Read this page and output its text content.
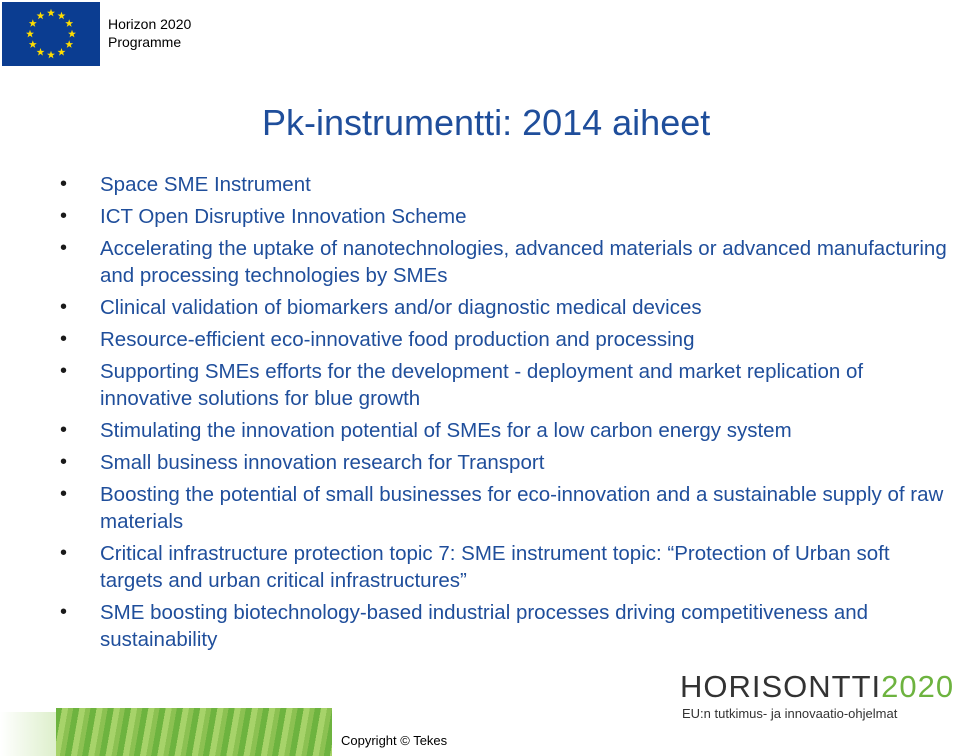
Horizon 2020
Programme
Pk-instrumentti: 2014 aiheet
• Space SME Instrument
• ICT Open Disruptive Innovation Scheme
• Accelerating the uptake of nanotechnologies, advanced materials or advanced manufacturing and processing technologies by SMEs
• Clinical validation of biomarkers and/or diagnostic medical devices
• Resource-efficient eco-innovative food production and processing
• Supporting SMEs efforts for the development - deployment and market replication of innovative solutions for blue growth
• Stimulating the innovation potential of SMEs for a low carbon energy system
• Small business innovation research for Transport
• Boosting the potential of small businesses for eco-innovation and a sustainable supply of raw materials
• Critical infrastructure protection topic 7: SME instrument topic: “Protection of Urban soft targets and urban critical infrastructures”
• SME boosting biotechnology-based industrial processes driving competitiveness and sustainability
Copyright © Tekes
HORISONTTI2020
EU:n tutkimus- ja innovaatio-ohjelmat
